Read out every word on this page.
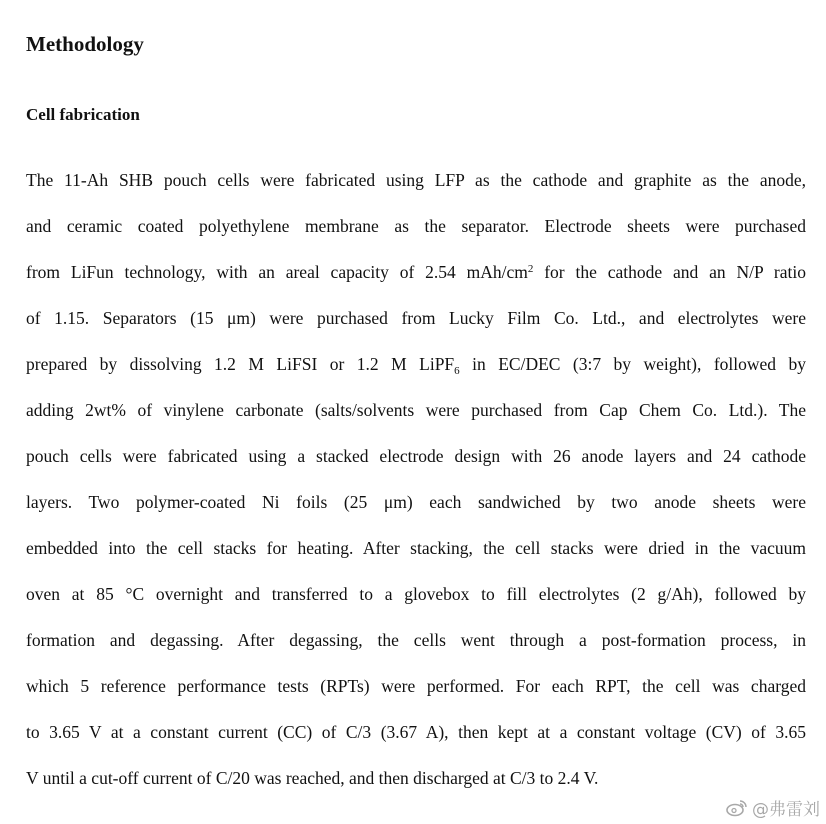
Methodology
Cell fabrication
The 11-Ah SHB pouch cells were fabricated using LFP as the cathode and graphite as the anode,
and ceramic coated polyethylene membrane as the separator. Electrode sheets were purchased
from LiFun technology, with an areal capacity of 2.54 mAh/$cm^2$ for the cathode and an N/P ratio
of 1.15. Separators (15 μm) were purchased from Lucky Film Co. Ltd., and electrolytes were
prepared by dissolving 1.2 M LiFSI or 1.2 M LiPF$_6$ in EC/DEC (3:7 by weight), followed by
adding 2wt% of vinylene carbonate (salts/solvents were purchased from Cap Chem Co. Ltd.). The
pouch cells were fabricated using a stacked electrode design with 26 anode layers and 24 cathode
layers. Two polymer-coated Ni foils (25 μm) each sandwiched by two anode sheets were
embedded into the cell stacks for heating. After stacking, the cell stacks were dried in the vacuum
oven at 85 °C overnight and transferred to a glovebox to fill electrolytes (2 g/Ah), followed by
formation and degassing. After degassing, the cells went through a post-formation process, in
which 5 reference performance tests (RPTs) were performed. For each RPT, the cell was charged
to 3.65 V at a constant current (CC) of C/3 (3.67 A), then kept at a constant voltage (CV) of 3.65
V until a cut-off current of C/20 was reached, and then discharged at C/3 to 2.4 V.
@弗雷刘
